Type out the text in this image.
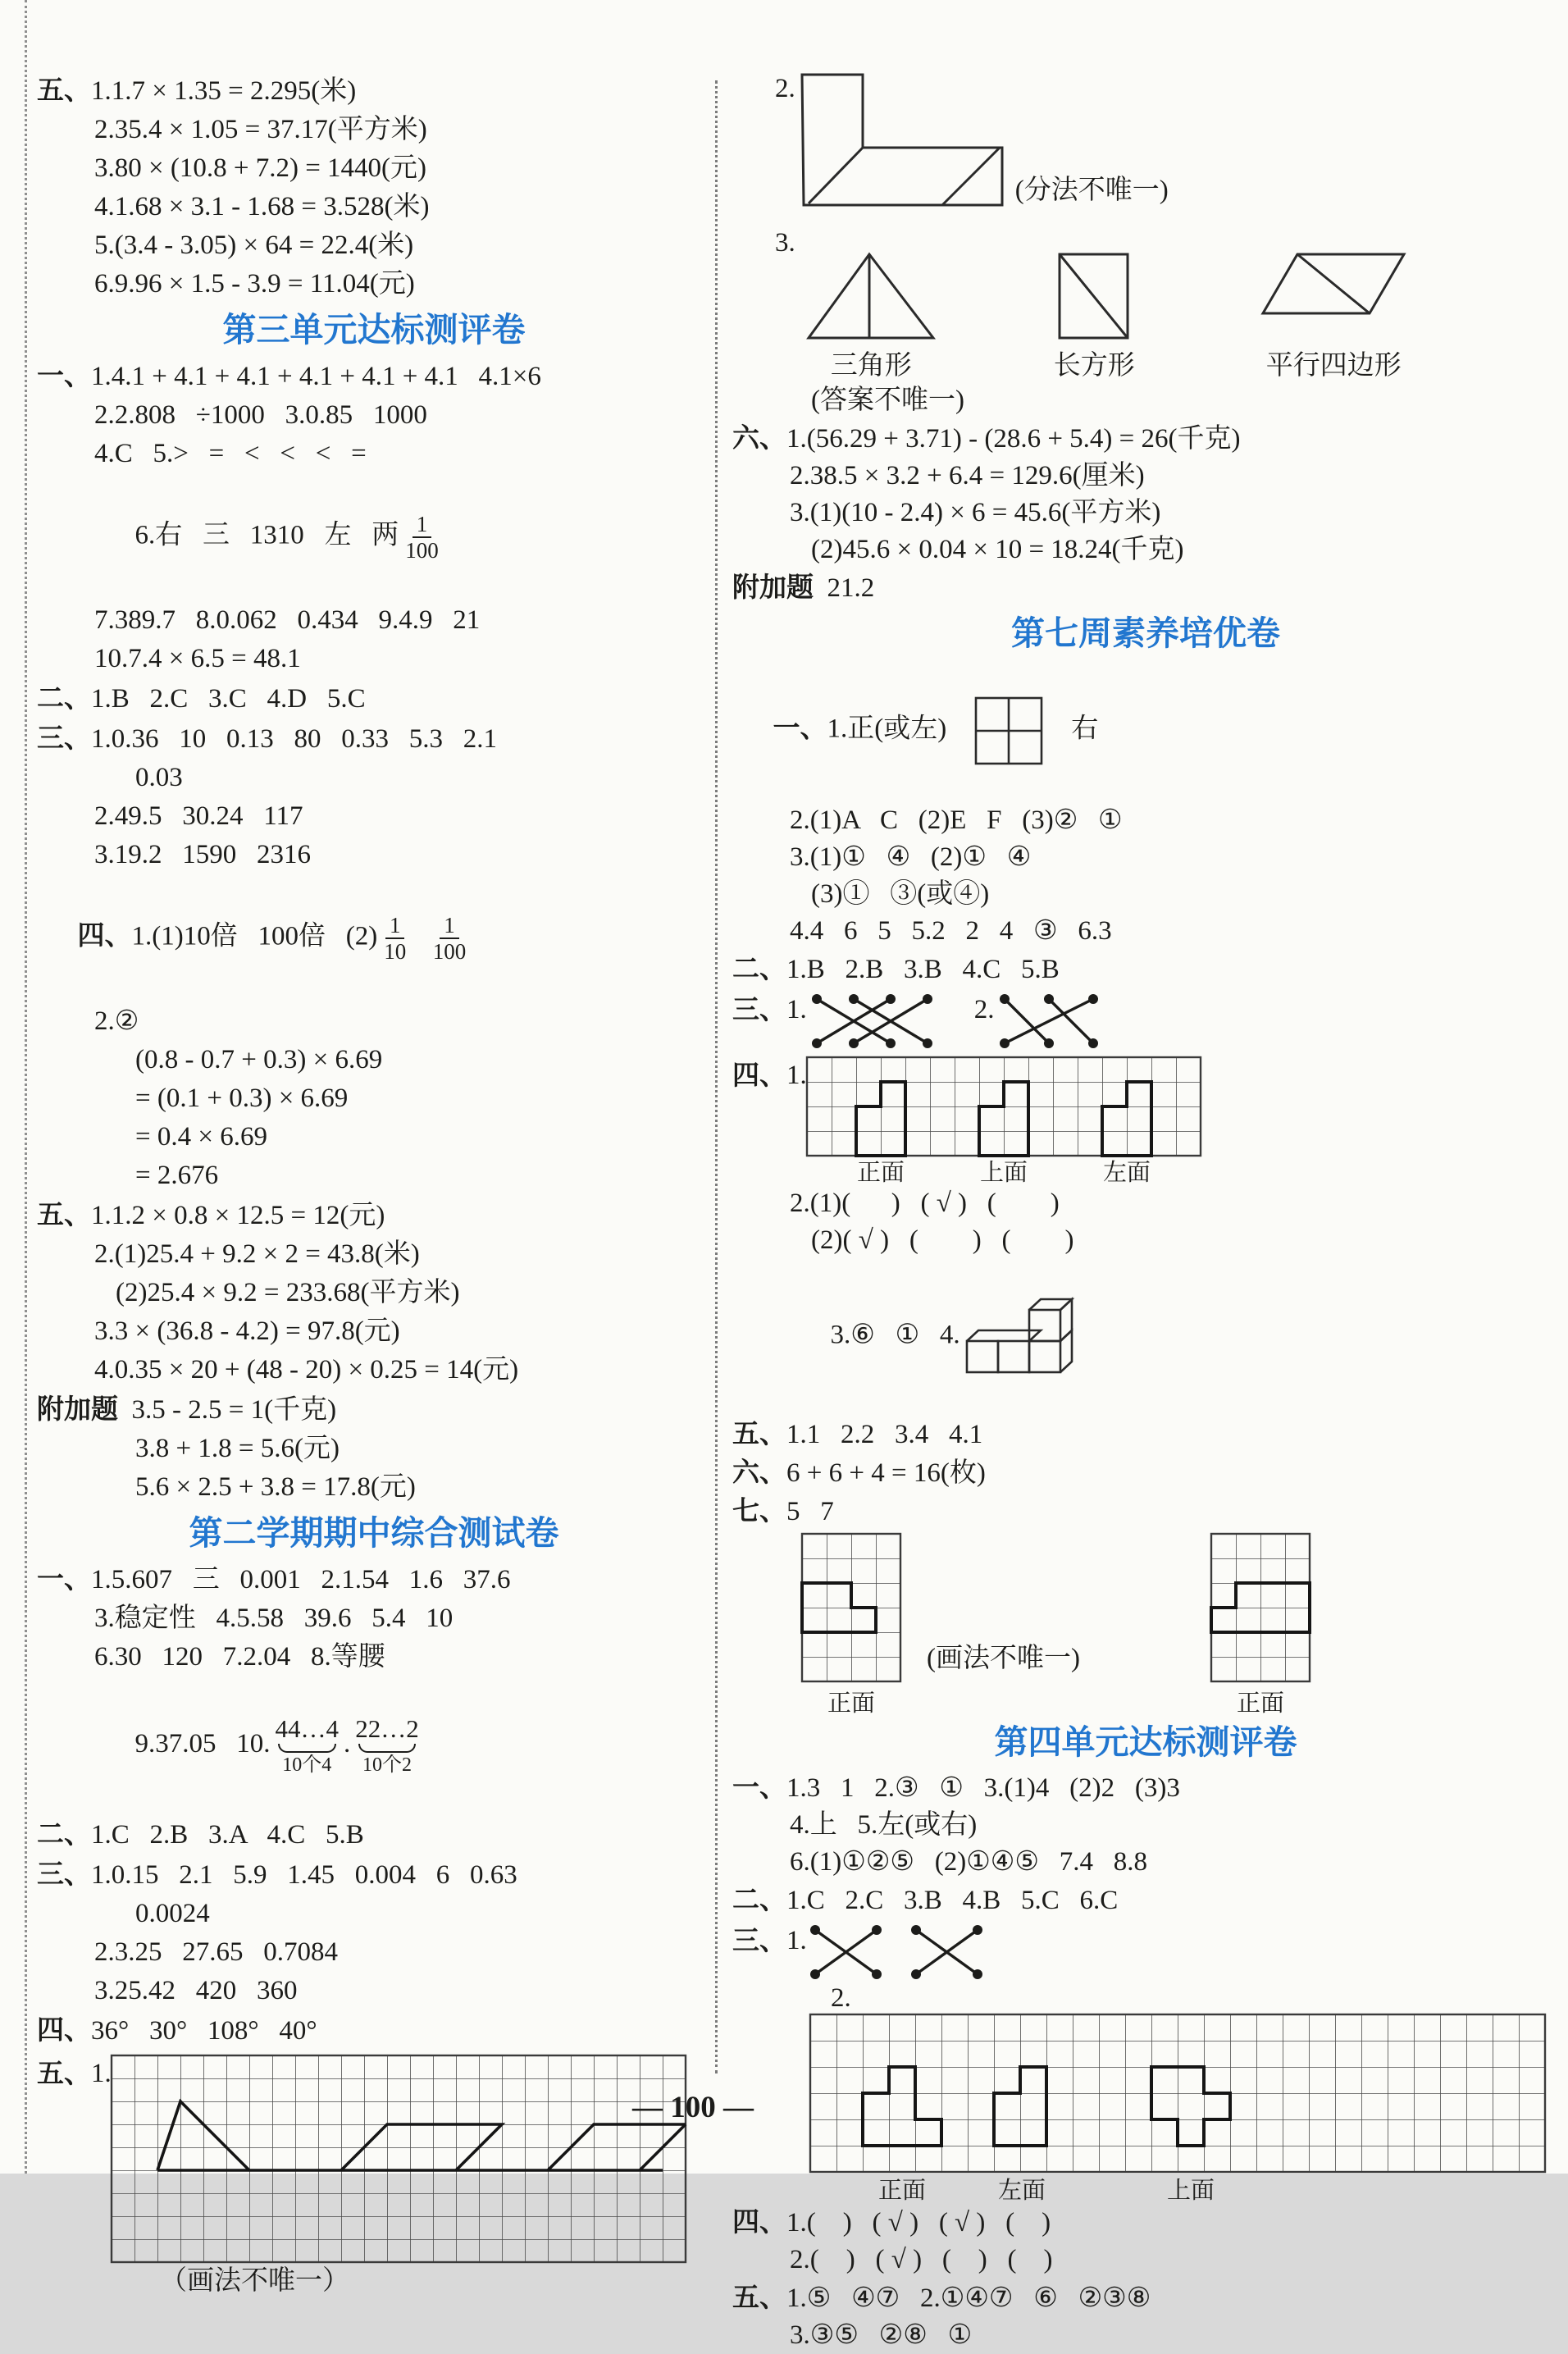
五、1.1.7 × 1.35 = 2.295(米)
2.35.4 × 1.05 = 37.17(平方米)
3.80 × (10.8 + 7.2) = 1440(元)
4.1.68 × 3.1 - 1.68 = 3.528(米)
5.(3.4 - 3.05) × 64 = 22.4(米)
6.9.96 × 1.5 - 3.9 = 11.04(元)
第三单元达标测评卷
一、1.4.1 + 4.1 + 4.1 + 4.1 + 4.1 + 4.1   4.1×6
2.2.808   ÷1000   3.0.85   1000
4.C   5.>   =   <   <   <   =

6.右   三   1310   左   两 $\frac{1}{100}$

7.389.7   8.0.062   0.434   9.4.9   21
10.7.4 × 6.5 = 48.1
二、1.B   2.C   3.C   4.D   5.C
三、1.0.36   10   0.13   80   0.33   5.3   2.1
0.03
2.49.5   30.24   117
3.19.2   1590   2316

四、1.(1)10倍   100倍   $(2) \frac{1}{10}$
$\frac{1}{100}$

2.②
(0.8 - 0.7 + 0.3) × 6.69
= (0.1 + 0.3) × 6.69
= 0.4 × 6.69
= 2.676
五、1.1.2 × 0.8 × 12.5 = 12(元)
2.(1)25.4 + 9.2 × 2 = 43.8(米)
(2)25.4 × 9.2 = 233.68(平方米)
3.3 × (36.8 - 4.2) = 97.8(元)
4.0.35 × 20 + (48 - 20) × 0.25 = 14(元)
附加题  3.5 - 2.5 = 1(千克)
3.8 + 1.8 = 5.6(元)
5.6 × 2.5 + 3.8 = 17.8(元)
第二学期期中综合测试卷
一、1.5.607   三   0.001   2.1.54   1.6   37.6
3.稳定性   4.5.58   39.6   5.4   10
6.30   120   7.2.04   8.等腰

9.37.05   10.
44…4
10个4
.
22…2
10个2

二、1.C   2.B   3.A   4.C   5.B
三、1.0.15   2.1   5.9   1.45   0.004   6   0.63
0.0024
2.3.25   27.65   0.7084
3.25.42   420   360
四、36°   30°   108°   40°
五、 1.
（画法不唯一）
2.
(分法不唯一)
3.
三角形	长方形	平行四边形
(答案不唯一)
六、1.(56.29 + 3.71) - (28.6 + 5.4) = 26(千克)
2.38.5 × 3.2 + 6.4 = 129.6(厘米)
3.(1)(10 - 2.4) × 6 = 45.6(平方米)
(2)45.6 × 0.04 × 10 = 18.24(千克)
附加题  21.2
第七周素养培优卷

一、1.正(或左)	右

2.(1)A   C   (2)E   F   (3)②   ①
3.(1)①   ④   (2)①   ④
(3)①   ③(或④)
4.4   6   5   5.2   2   4   ③   6.3
二、1.B   2.B   3.B   4.C   5.B
三、 1.	2.
四、 1.
正面	上面	左面
2.(1)(      )   ( √ )   (        )
(2)( √ )   (        )   (        )

3.⑥   ①   4.

五、1.1   2.2   3.4   4.1
六、6 + 6 + 4 = 16(枚)
七、5   7
正面
(画法不唯一)
正面
第四单元达标测评卷
一、1.3   1   2.③   ①   3.(1)4   (2)2   (3)3
4.上   5.左(或右)
6.(1)①②⑤   (2)①④⑤   7.4   8.8
二、1.C   2.C   3.B   4.B   5.C   6.C
三、 1.
2.
正面	左面	上面
四、1.(    )   ( √ )   ( √ )   (    )
2.(    )   ( √ )   (    )   (    )
五、1.⑤   ④⑦   2.①④⑦   ⑥   ②③⑧
3.③⑤   ②⑧   ①
— 100 —
